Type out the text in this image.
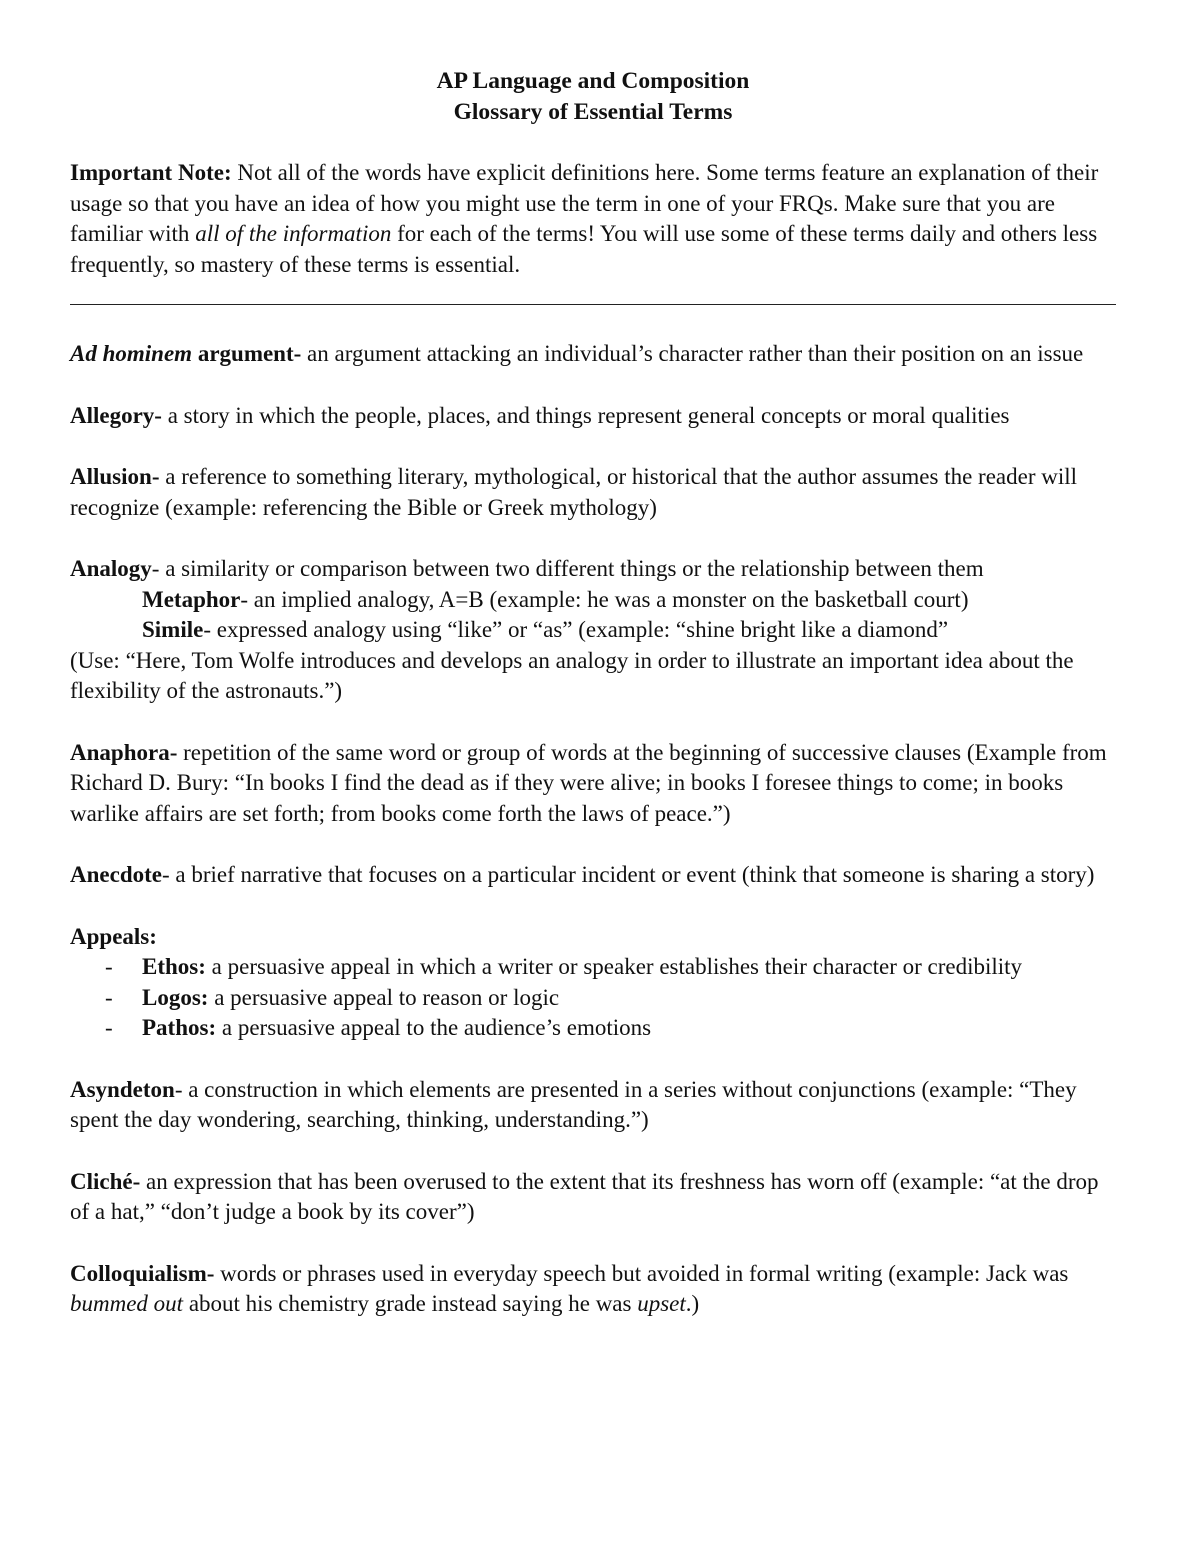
AP Language and Composition
Glossary of Essential Terms

Important Note: Not all of the words have explicit definitions here. Some terms feature an explanation of their usage so that you have an idea of how you might use the term in one of your FRQs. Make sure that you are familiar with all of the information for each of the terms! You will use some of these terms daily and others less frequently, so mastery of these terms is essential.

Ad hominem argument- an argument attacking an individual’s character rather than their position on an issue

Allegory- a story in which the people, places, and things represent general concepts or moral qualities

Allusion- a reference to something literary, mythological, or historical that the author assumes the reader will recognize (example: referencing the Bible or Greek mythology)

Analogy- a similarity or comparison between two different things or the relationship between them
Metaphor- an implied analogy, A=B (example: he was a monster on the basketball court)
Simile- expressed analogy using “like” or “as” (example: “shine bright like a diamond”
(Use: “Here, Tom Wolfe introduces and develops an analogy in order to illustrate an important idea about the flexibility of the astronauts.”)

Anaphora- repetition of the same word or group of words at the beginning of successive clauses (Example from Richard D. Bury: “In books I find the dead as if they were alive; in books I foresee things to come; in books warlike affairs are set forth; from books come forth the laws of peace.”)

Anecdote- a brief narrative that focuses on a particular incident or event (think that someone is sharing a story)

Appeals:
- Ethos: a persuasive appeal in which a writer or speaker establishes their character or credibility
- Logos: a persuasive appeal to reason or logic
- Pathos: a persuasive appeal to the audience’s emotions

Asyndeton- a construction in which elements are presented in a series without conjunctions (example: “They spent the day wondering, searching, thinking, understanding.”)

Cliché- an expression that has been overused to the extent that its freshness has worn off (example: “at the drop of a hat,” “don’t judge a book by its cover”)

Colloquialism- words or phrases used in everyday speech but avoided in formal writing (example: Jack was bummed out about his chemistry grade instead saying he was upset.)
